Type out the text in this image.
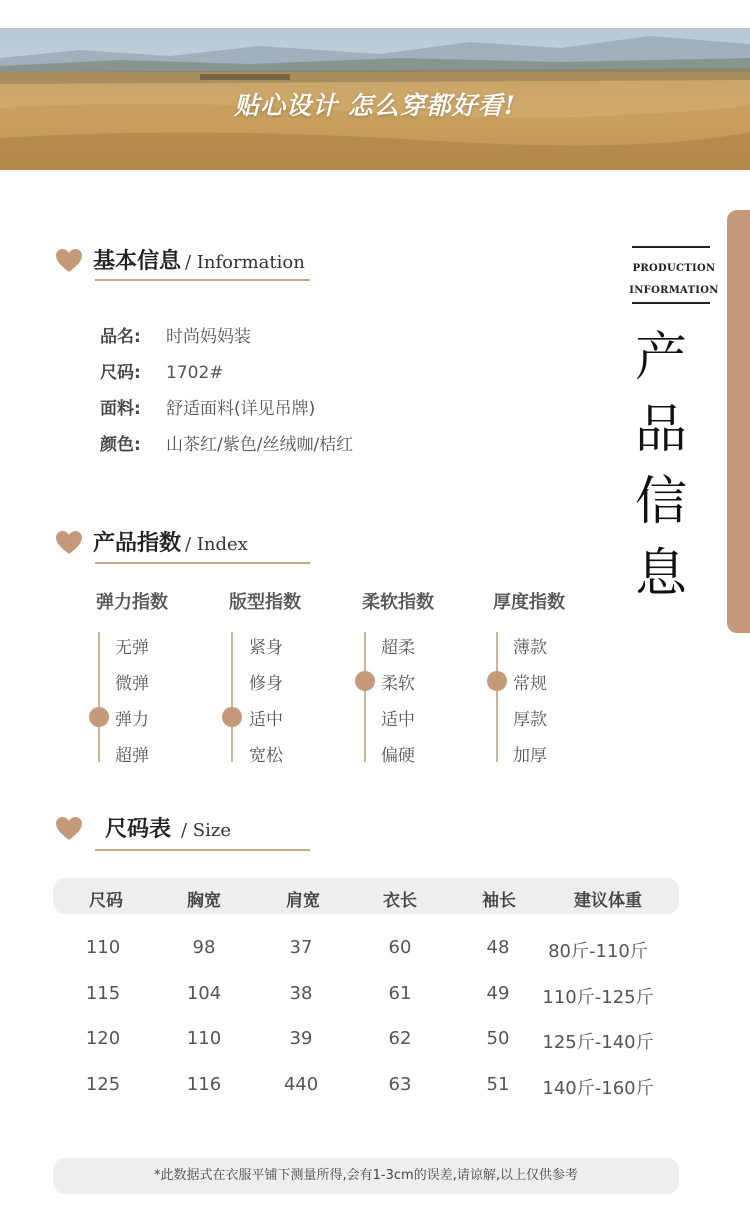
贴心设计 怎么穿都好看!
PRODUCTION
INFORMATION
产
品
信
息
基本信息 / Information
品名: 时尚妈妈装
尺码: 1702#
面料: 舒适面料(详见吊牌)
颜色: 山茶红/紫色/丝绒咖/桔红
产品指数 / Index
弹力指数
无弹
微弹
弹力
超弹
版型指数
紧身
修身
适中
宽松
柔软指数
超柔
柔软
适中
偏硬
厚度指数
薄款
常规
厚款
加厚
尺码表 / Size
尺码	胸宽	肩宽	衣长	袖长	建议体重
110	98	37	60	48	80斤-110斤
115	104	38	61	49	110斤-125斤
120	110	39	62	50	125斤-140斤
125	116	440	63	51	140斤-160斤
*此数据式在衣服平铺下测量所得,会有1-3cm的误差,请谅解,以上仅供参考
